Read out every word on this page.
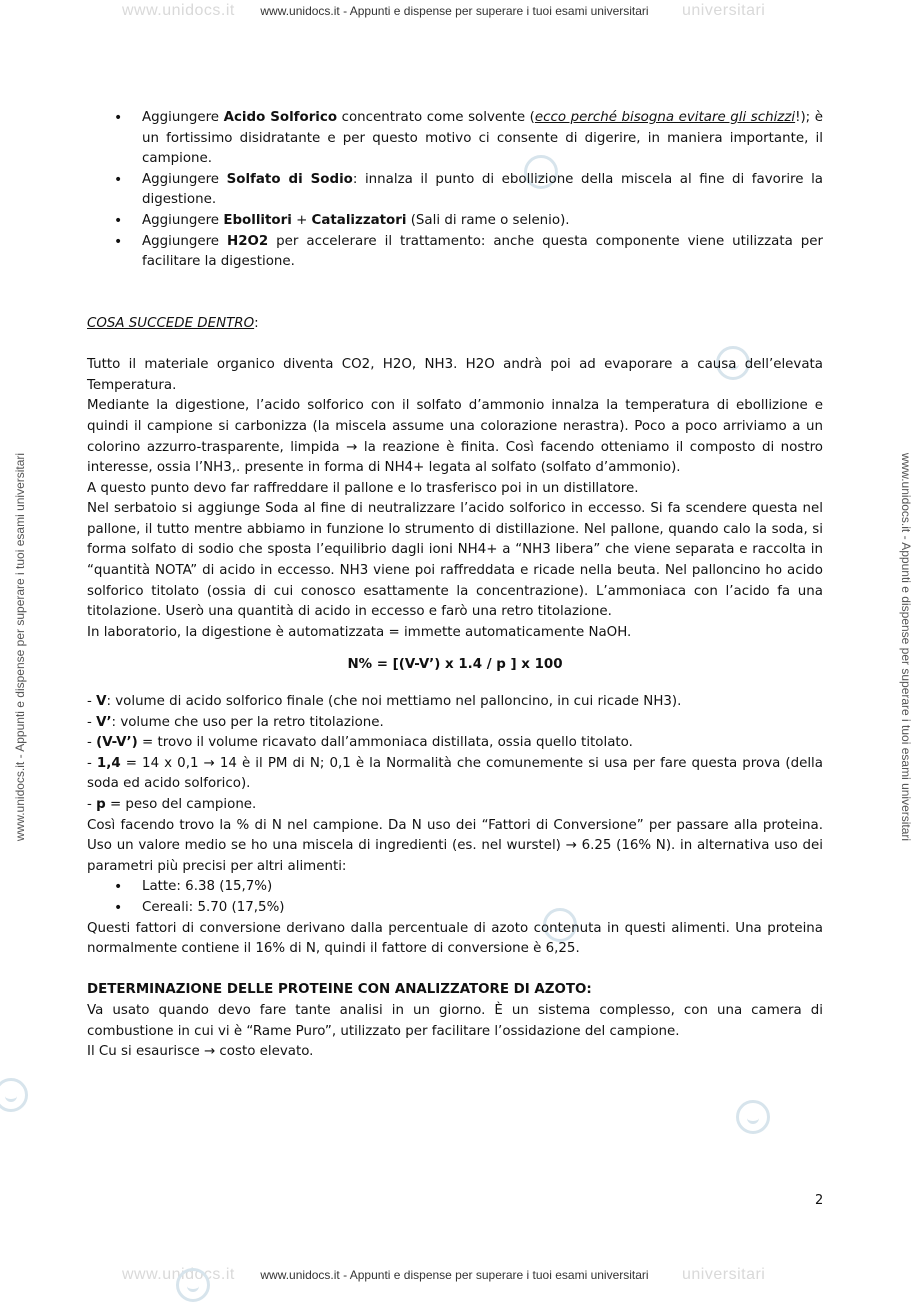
www.unidocs.it	universitari
www.unidocs.it - Appunti e dispense per superare i tuoi esami universitari
www.unidocs.it	universitari
www.unidocs.it - Appunti e dispense per superare i tuoi esami universitari
www.unidocs.it - Appunti e dispense per superare i tuoi esami universitari	www.unidocs.it - Appunti e dispense per superare i tuoi esami universitari
• Aggiungere Acido Solforico concentrato come solvente (ecco perché bisogna evitare gli schizzi!); è un fortissimo disidratante e per questo motivo ci consente di digerire, in maniera importante, il campione.
• Aggiungere Solfato di Sodio: innalza il punto di ebollizione della miscela al fine di favorire la digestione.
• Aggiungere Ebollitori + Catalizzatori (Sali di rame o selenio).
• Aggiungere H2O2 per accelerare il trattamento: anche questa componente viene utilizzata per facilitare la digestione.

COSA SUCCEDE DENTRO:

Tutto il materiale organico diventa CO2, H2O, NH3. H2O andrà poi ad evaporare a causa dell’elevata Temperatura.

Mediante la digestione, l’acido solforico con il solfato d’ammonio innalza la temperatura di ebollizione e quindi il campione si carbonizza (la miscela assume una colorazione nerastra). Poco a poco arriviamo a un colorino azzurro-trasparente, limpida → la reazione è finita. Così facendo otteniamo il composto di nostro interesse, ossia l’NH3,. presente in forma di NH4+ legata al solfato (solfato d’ammonio).

A questo punto devo far raffreddare il pallone e lo trasferisco poi in un distillatore.

Nel serbatoio si aggiunge Soda al fine di neutralizzare l’acido solforico in eccesso. Si fa scendere questa nel pallone, il tutto mentre abbiamo in funzione lo strumento di distillazione. Nel pallone, quando calo la soda, si forma solfato di sodio che sposta l’equilibrio dagli ioni NH4+ a “NH3 libera” che viene separata e raccolta in “quantità NOTA” di acido in eccesso. NH3 viene poi raffreddata e ricade nella beuta. Nel palloncino ho acido solforico titolato (ossia di cui conosco esattamente la concentrazione). L’ammoniaca con l’acido fa una titolazione. Userò una quantità di acido in eccesso e farò una retro titolazione.

In laboratorio, la digestione è automatizzata = immette automaticamente NaOH.

N% = [(V-V’) x 1.4 / p ] x 100

- V: volume di acido solforico finale (che noi mettiamo nel palloncino, in cui ricade NH3).

- V’: volume che uso per la retro titolazione.

- (V-V’) = trovo il volume ricavato dall’ammoniaca distillata, ossia quello titolato.

- 1,4 = 14 x 0,1 → 14 è il PM di N; 0,1 è la Normalità che comunemente si usa per fare questa prova (della soda ed acido solforico).

- p = peso del campione.

Così facendo trovo la % di N nel campione. Da N uso dei “Fattori di Conversione” per passare alla proteina. Uso un valore medio se ho una miscela di ingredienti (es. nel wurstel) → 6.25 (16% N). in alternativa uso dei parametri più precisi per altri alimenti:

• Latte: 6.38 (15,7%)
• Cereali: 5.70 (17,5%)

Questi fattori di conversione derivano dalla percentuale di azoto contenuta in questi alimenti. Una proteina normalmente contiene il 16% di N, quindi il fattore di conversione è 6,25.

DETERMINAZIONE DELLE PROTEINE CON ANALIZZATORE DI AZOTO:

Va usato quando devo fare tante analisi in un giorno. È un sistema complesso, con una camera di combustione in cui vi è “Rame Puro”, utilizzato per facilitare l’ossidazione del campione.

Il Cu si esaurisce → costo elevato.

2
